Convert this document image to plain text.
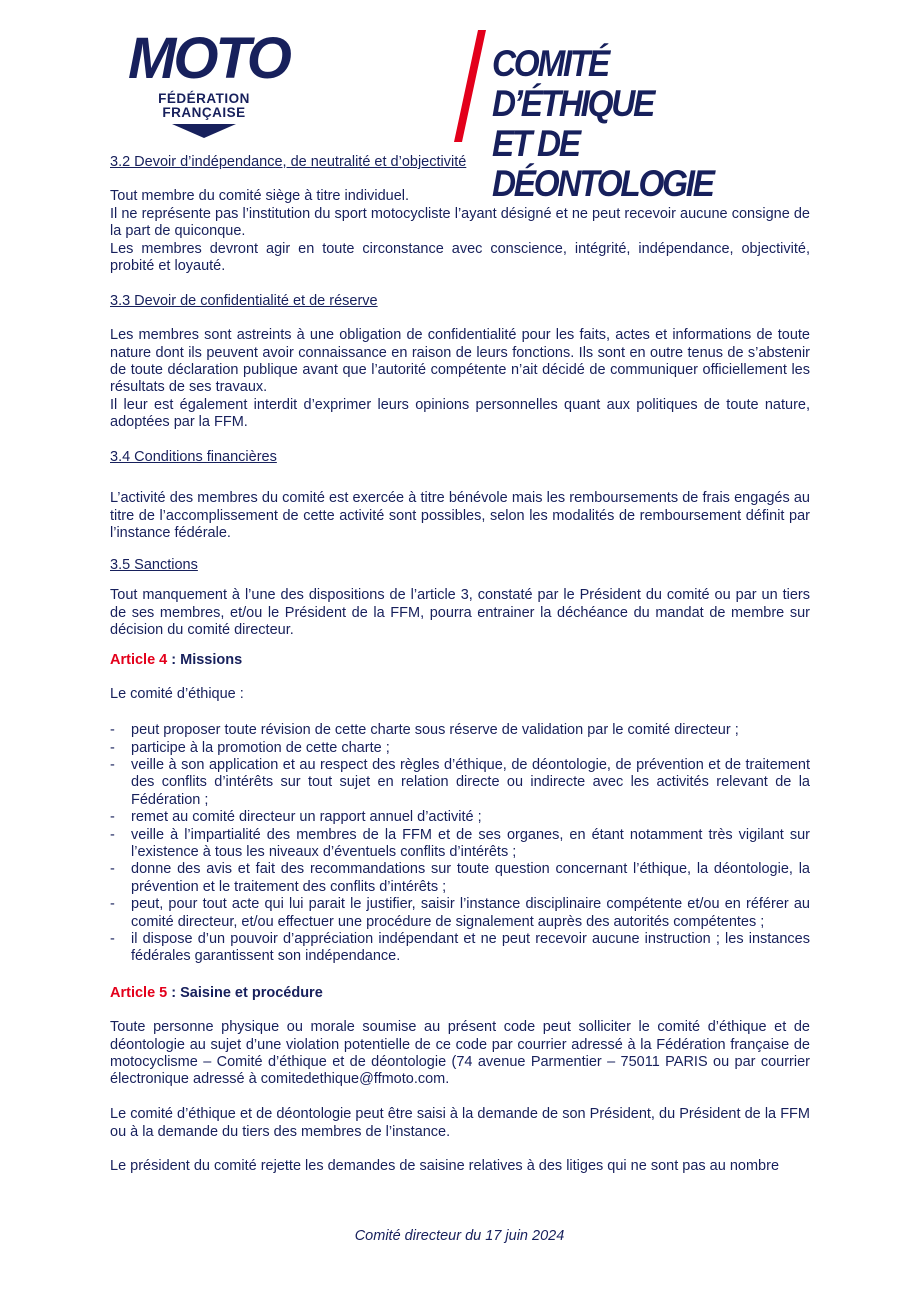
MOTO
FÉDÉRATION
FRANÇAISE
COMITÉ D’ÉTHIQUE
ET DE DÉONTOLOGIE

3.2 Devoir d’indépendance, de neutralité et d’objectivité

Tout membre du comité siège à titre individuel.

Il ne représente pas l’institution du sport motocycliste l’ayant désigné et ne peut recevoir aucune consigne de la part de quiconque.

Les membres devront agir en toute circonstance avec conscience, intégrité, indépendance, objectivité, probité et loyauté.

3.3 Devoir de confidentialité et de réserve

Les membres sont astreints à une obligation de confidentialité pour les faits, actes et informations de toute nature dont ils peuvent avoir connaissance en raison de leurs fonctions. Ils sont en outre tenus de s’abstenir de toute déclaration publique avant que l’autorité compétente n’ait décidé de communiquer officiellement les résultats de ses travaux.

Il leur est également interdit d’exprimer leurs opinions personnelles quant aux politiques de toute nature, adoptées par la FFM.

3.4 Conditions financières

L’activité des membres du comité est exercée à titre bénévole mais les remboursements de frais engagés au titre de l’accomplissement de cette activité sont possibles, selon les modalités de remboursement définit par l’instance fédérale.

3.5 Sanctions

Tout manquement à l’une des dispositions de l’article 3, constaté par le Président du comité ou par un tiers de ses membres, et/ou le Président de la FFM, pourra entrainer la déchéance du mandat de membre sur décision du comité directeur.

Article 4 : Missions

Le comité d’éthique :

- peut proposer toute révision de cette charte sous réserve de validation par le comité directeur ;
- participe à la promotion de cette charte ;
- veille à son application et au respect des règles d’éthique, de déontologie, de prévention et de traitement des conflits d’intérêts sur tout sujet en relation directe ou indirecte avec les activités relevant de la Fédération ;
- remet au comité directeur un rapport annuel d’activité ;
- veille à l’impartialité des membres de la FFM et de ses organes, en étant notamment très vigilant sur l’existence à tous les niveaux d’éventuels conflits d’intérêts ;
- donne des avis et fait des recommandations sur toute question concernant l’éthique, la déontologie, la prévention et le traitement des conflits d’intérêts ;
- peut, pour tout acte qui lui parait le justifier, saisir l’instance disciplinaire compétente et/ou en référer au comité directeur, et/ou effectuer une procédure de signalement auprès des autorités compétentes ;
- il dispose d’un pouvoir d’appréciation indépendant et ne peut recevoir aucune instruction ; les instances fédérales garantissent son indépendance.

Article 5 : Saisine et procédure

Toute personne physique ou morale soumise au présent code peut solliciter le comité d’éthique et de déontologie au sujet d’une violation potentielle de ce code par courrier adressé à la Fédération française de motocyclisme – Comité d’éthique et de déontologie (74 avenue Parmentier – 75011 PARIS ou par courrier électronique adressé à comitedethique@ffmoto.com.

Le comité d’éthique et de déontologie peut être saisi à la demande de son Président, du Président de la FFM ou à la demande du tiers des membres de l’instance.

Le président du comité rejette les demandes de saisine relatives à des litiges qui ne sont pas au nombre

Comité directeur du 17 juin 2024
